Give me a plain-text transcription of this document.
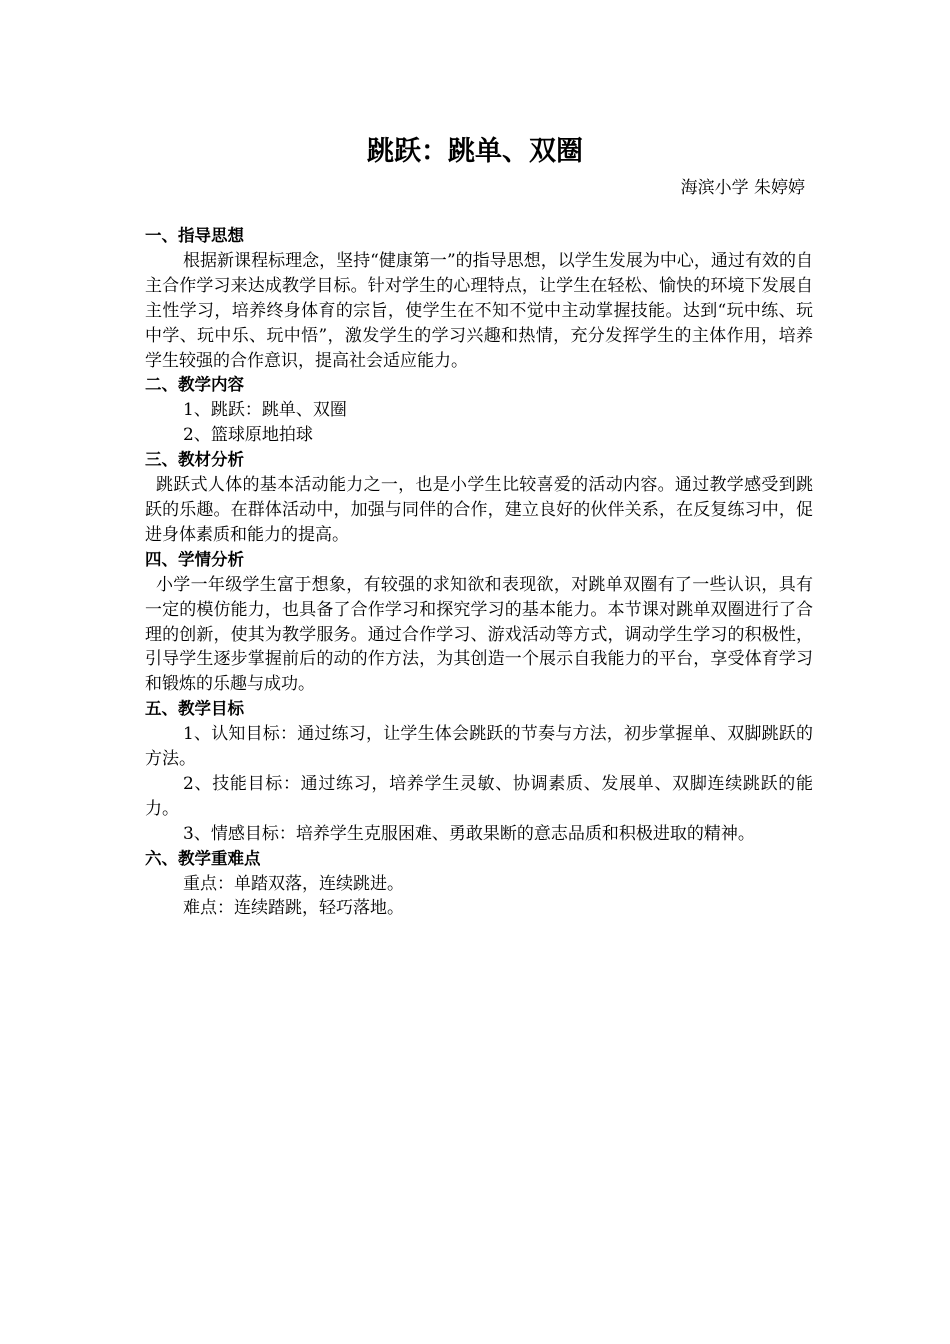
跳跃：跳单、双圈
海滨小学 朱婷婷

一、指导思想

根据新课程标理念，坚持“健康第一”的指导思想，以学生发展为中心，通过有效的自主合作学习来达成教学目标。针对学生的心理特点，让学生在轻松、愉快的环境下发展自主性学习，培养终身体育的宗旨，使学生在不知不觉中主动掌握技能。达到“玩中练、玩中学、玩中乐、玩中悟”，激发学生的学习兴趣和热情，充分发挥学生的主体作用，培养学生较强的合作意识，提高社会适应能力。

二、教学内容

1、跳跃：跳单、双圈

2、篮球原地拍球

三、教材分析

跳跃式人体的基本活动能力之一，也是小学生比较喜爱的活动内容。通过教学感受到跳跃的乐趣。在群体活动中，加强与同伴的合作，建立良好的伙伴关系，在反复练习中，促进身体素质和能力的提高。

四、学情分析

小学一年级学生富于想象，有较强的求知欲和表现欲，对跳单双圈有了一些认识，具有一定的模仿能力，也具备了合作学习和探究学习的基本能力。本节课对跳单双圈进行了合理的创新，使其为教学服务。通过合作学习、游戏活动等方式，调动学生学习的积极性，引导学生逐步掌握前后的动的作方法，为其创造一个展示自我能力的平台，享受体育学习和锻炼的乐趣与成功。

五、教学目标

1、认知目标：通过练习，让学生体会跳跃的节奏与方法，初步掌握单、双脚跳跃的方法。

2、技能目标：通过练习，培养学生灵敏、协调素质、发展单、双脚连续跳跃的能力。

3、情感目标：培养学生克服困难、勇敢果断的意志品质和积极进取的精神。

六、教学重难点

重点：单踏双落，连续跳进。

难点：连续踏跳，轻巧落地。
